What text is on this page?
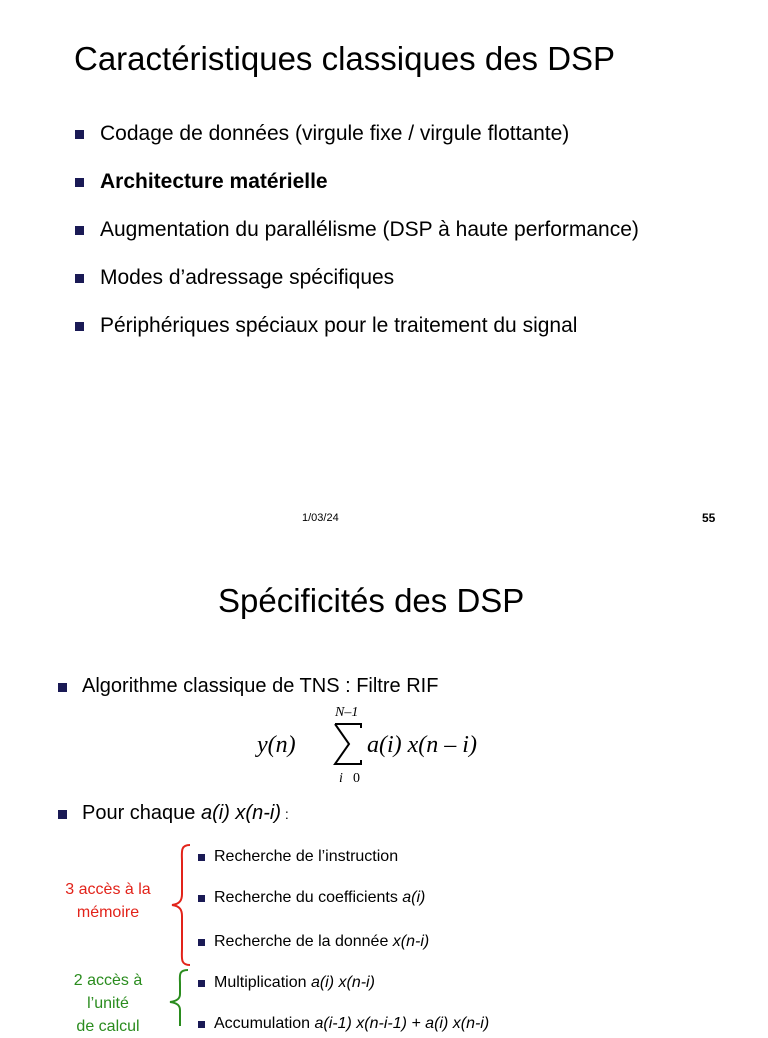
Caractéristiques classiques des DSP
Codage de données (virgule fixe / virgule flottante)
Architecture matérielle
Augmentation du parallélisme (DSP à haute performance)
Modes d’adressage spécifiques
Périphériques spéciaux pour le traitement du signal
1/03/24	55
Spécificités des DSP
Algorithme classique de TNS : Filtre RIF
y(n)
N–1
i
a(i) x(n – i)
0
Pour chaque a(i) x(n-i) :
3 accès à la
mémoire
2 accès à
l’unité
de calcul
Recherche de l’instruction
Recherche du coefficients a(i)
Recherche de la donnée x(n-i)
Multiplication a(i) x(n-i)
Accumulation a(i-1) x(n-i-1) + a(i) x(n-i)
